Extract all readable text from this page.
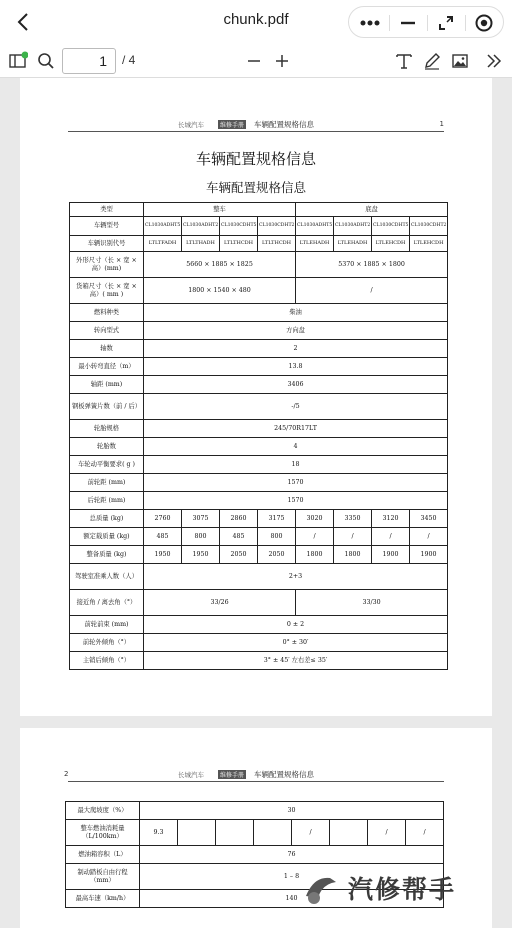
chunk.pdf
1	/ 4
长城汽车	维修手册 车辆配置规格信息	1
车辆配置规格信息
车辆配置规格信息
类型	整车				底盘			
车辆型号	CL1030ADHT5	CL1030ADHT2	CL1030CDHT5	CL1030CDHT2	CL1030ADHT5	CL1030ADHT2	CL1030CDHT5	CL1030CDHT2
车辆识别代号	LTLTFADH	LTLTHADH	LTLTHCDH	LTLTHCDH	LTLEHADH	LTLEHADH	LTLEHCDH	LTLEHCDH
外形尺寸（长 × 宽 × 高）(mm)	5660 × 1885 × 1825				5370 × 1885 × 1800			
货箱尺寸（长 × 宽 × 高）( mm )	1800 × 1540 × 480				/			
燃料种类	柴油							
转向型式	方向盘							
轴数	2							
最小转弯直径（m）	13.8							
轴距 (mm)	3406							
钢板弹簧片数（前 / 后）	-/5							
轮胎规格	245/70R17LT							
轮胎数	4							
车轮动平衡要求( g )	18							
前轮距 (mm)	1570							
后轮距 (mm)	1570							
总质量 (kg)	2760	3075	2860	3175	3020	3350	3120	3450
额定载质量 (kg)	485	800	485	800	/	/	/	/
整备质量 (kg)	1950	1950	2050	2050	1800	1800	1900	1900
驾驶室准乘人数（人）	2+3							
接近角 / 离去角（°）	33/26				33/30			
前轮前束 (mm)	0 ± 2							
前轮外倾角（°）	0° ± 30′							
主销后倾角（°）	3° ± 45′ 左右差≤ 35′							
2	长城汽车	维修手册 车辆配置规格信息
最大爬坡度（%）	30							
整车燃油消耗量（L/100km）	9.3				/		/	/
燃油箱容积（L）	76							
制动踏板自由行程（mm）	1 – 8							
最高车速（km/h）	140							汽修帮手
